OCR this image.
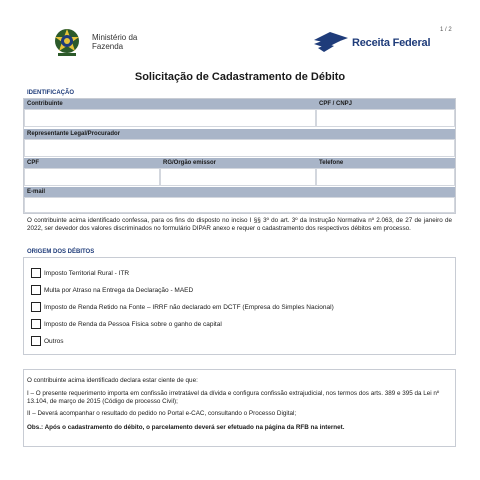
1 / 2
Ministério da
Fazenda	Receita Federal
Solicitação de Cadastramento de Débito
IDENTIFICAÇÃO
Contribuinte	CPF / CNPJ
Representante Legal/Procurador
CPF	RG/Orgão emissor	Telefone
E-mail
O contribuinte acima identificado confessa, para os fins do disposto no inciso I §§ 3º do art. 3º da Instrução Normativa nº 2.063, de 27 de janeiro de 2022, ser devedor dos valores discriminados no formulário DIPAR anexo e requer o cadastramento dos respectivos débitos em processo.
ORIGEM DOS DÉBITOS
Imposto Territorial Rural - ITR
Multa por Atraso na Entrega da Declaração - MAED
Imposto de Renda Retido na Fonte – IRRF não declarado em DCTF (Empresa do Simples Nacional)
Imposto de Renda da Pessoa Física sobre o ganho de capital
Outros
O contribuinte acima identificado declara estar ciente de que:
I – O presente requerimento importa em confissão irretratável da dívida e configura confissão extrajudicial, nos termos dos arts. 389 e 395 da Lei nº 13.104, de março de 2015 (Código de processo Civil);
II – Deverá acompanhar o resultado do pedido no Portal e-CAC, consultando o Processo Digital;
Obs.: Após o cadastramento do débito, o parcelamento deverá ser efetuado na página da RFB na internet.
